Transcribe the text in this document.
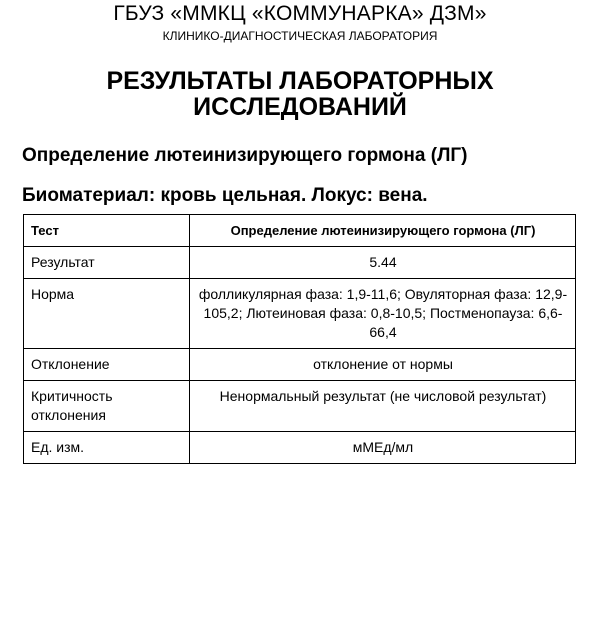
ГБУЗ «ММКЦ «КОММУНАРКА» ДЗМ»
КЛИНИКО-ДИАГНОСТИЧЕСКАЯ ЛАБОРАТОРИЯ
РЕЗУЛЬТАТЫ ЛАБОРАТОРНЫХ
ИССЛЕДОВАНИЙ
Определение лютеинизирующего гормона (ЛГ)
Биоматериал: кровь цельная. Локус: вена.
Тест	Определение лютеинизирующего гормона (ЛГ)
Результат	5.44
Норма	фолликулярная фаза: 1,9-11,6; Овуляторная фаза: 12,9-105,2; Лютеиновая фаза: 0,8-10,5; Постменопауза: 6,6-66,4
Отклонение	отклонение от нормы
Критичность отклонения	Ненормальный результат (не числовой результат)
Ед. изм.	мМЕд/мл
